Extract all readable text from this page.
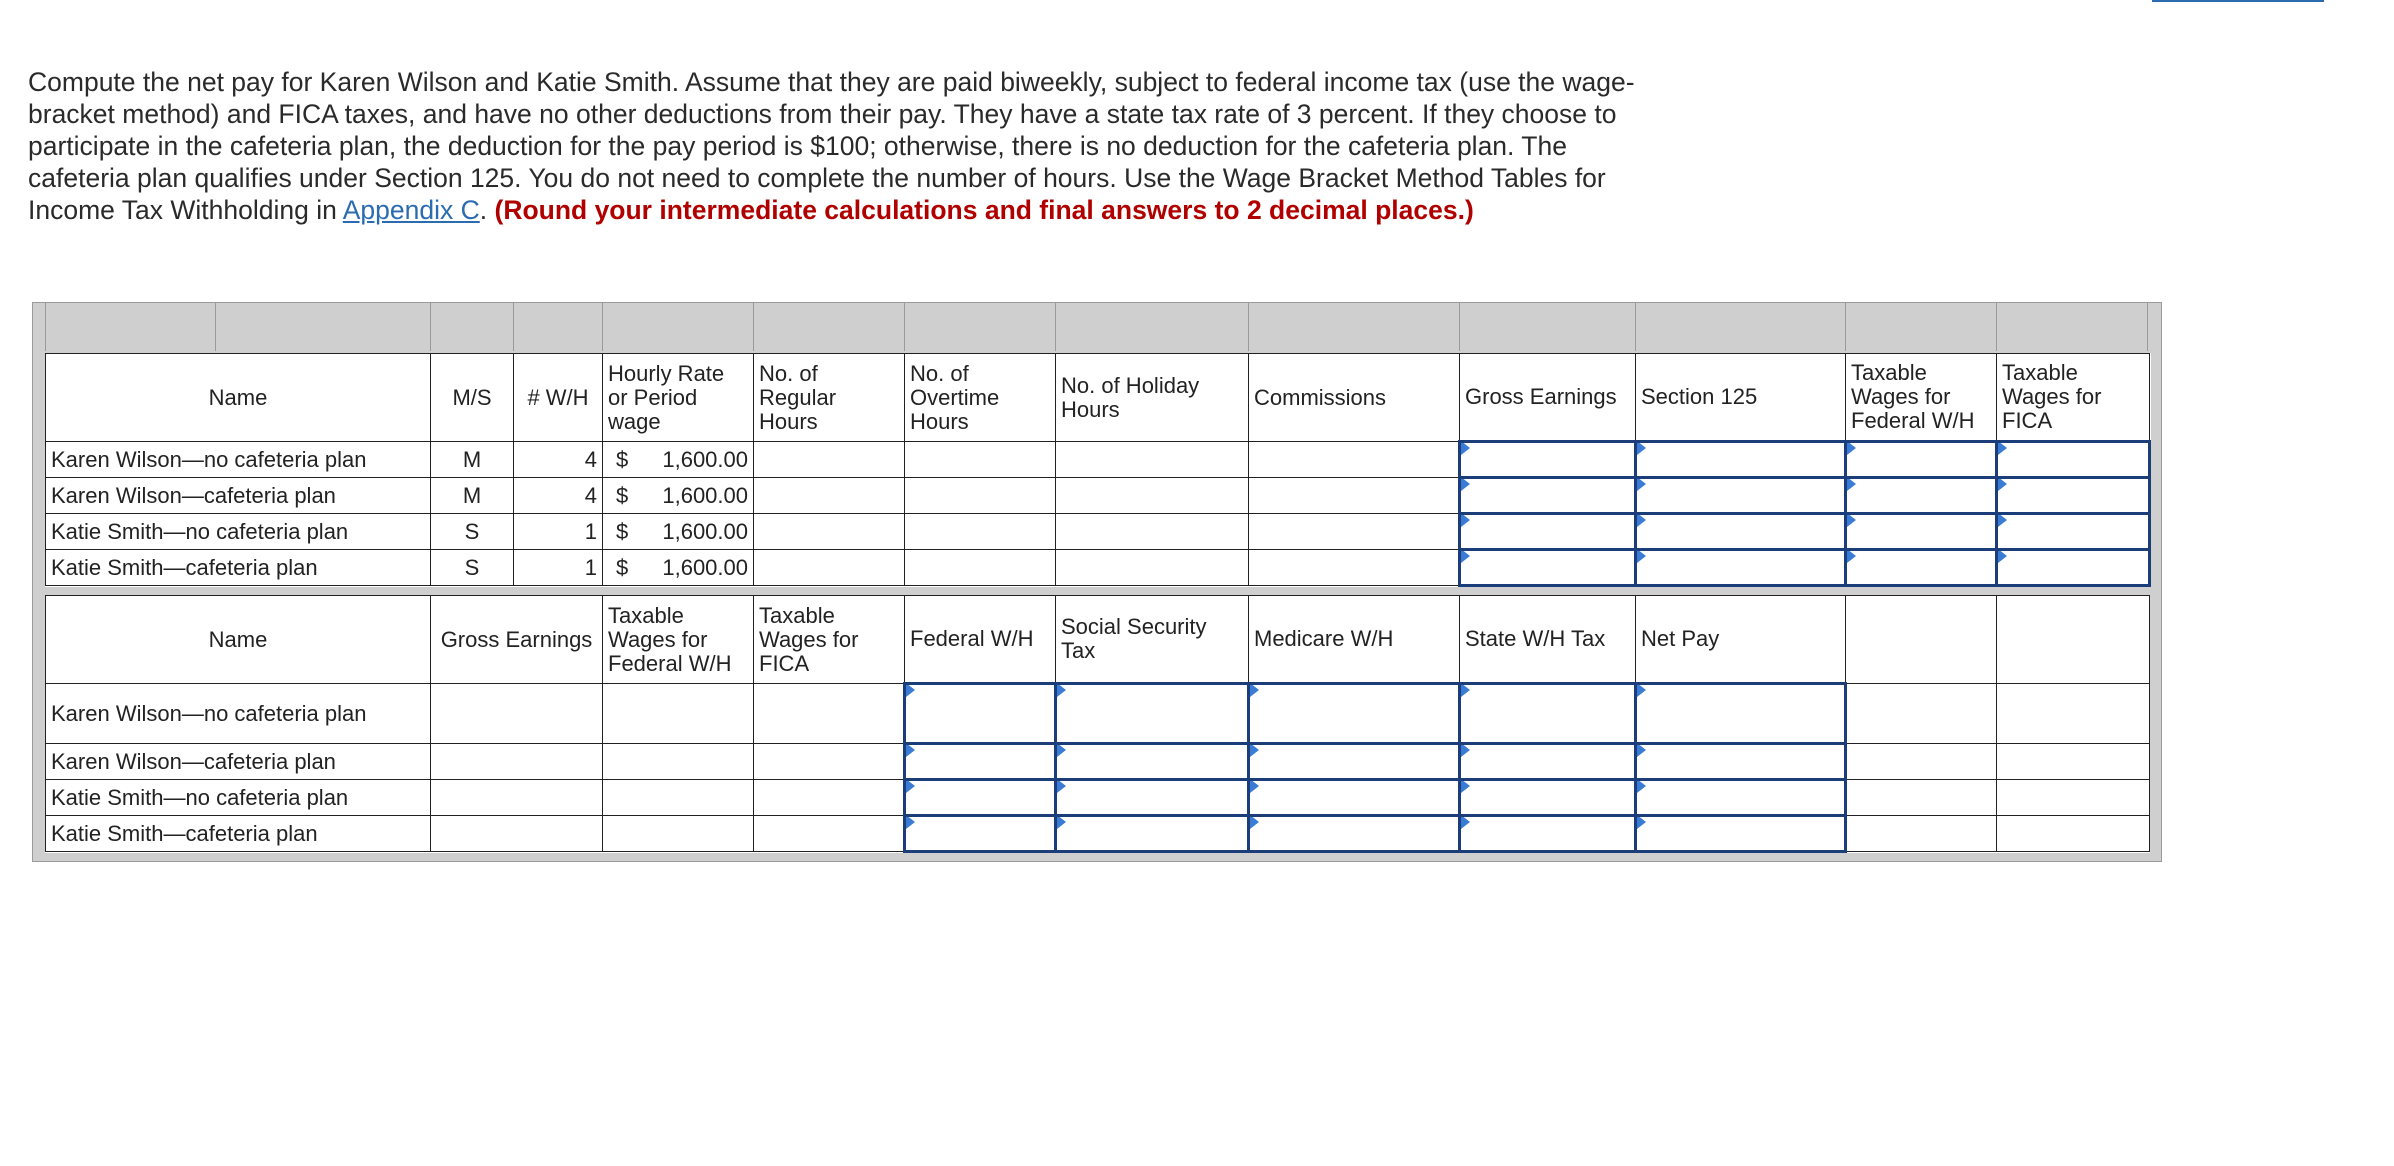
Compute the net pay for Karen Wilson and Katie Smith. Assume that they are paid biweekly, subject to federal income tax (use the wage-bracket method) and FICA taxes, and have no other deductions from their pay. They have a state tax rate of 3 percent. If they choose to participate in the cafeteria plan, the deduction for the pay period is $100; otherwise, there is no deduction for the cafeteria plan. The cafeteria plan qualifies under Section 125. You do not need to complete the number of hours. Use the Wage Bracket Method Tables for Income Tax Withholding in Appendix C. (Round your intermediate calculations and final answers to 2 decimal places.)
Name	M/S	# W/H	Hourly Rate or Period wage	No. of Regular Hours	No. of Overtime Hours	No. of Holiday Hours	Commissions	Gross Earnings	Section 125	Taxable Wages for Federal W/H	Taxable Wages for FICA
Karen Wilson—no cafeteria plan	M	4	$ 1,600.00								

Karen Wilson—cafeteria plan	M	4	$ 1,600.00								

Katie Smith—no cafeteria plan	S	1	$ 1,600.00								

Katie Smith—cafeteria plan	S	1	$ 1,600.00								

Name	Gross Earnings	Taxable Wages for Federal W/H	Taxable Wages for FICA	Federal W/H	Social Security Tax	Medicare W/H	State W/H Tax	Net Pay		
Karen Wilson—no cafeteria plan										
Karen Wilson—cafeteria plan										
Katie Smith—no cafeteria plan										
Katie Smith—cafeteria plan										
